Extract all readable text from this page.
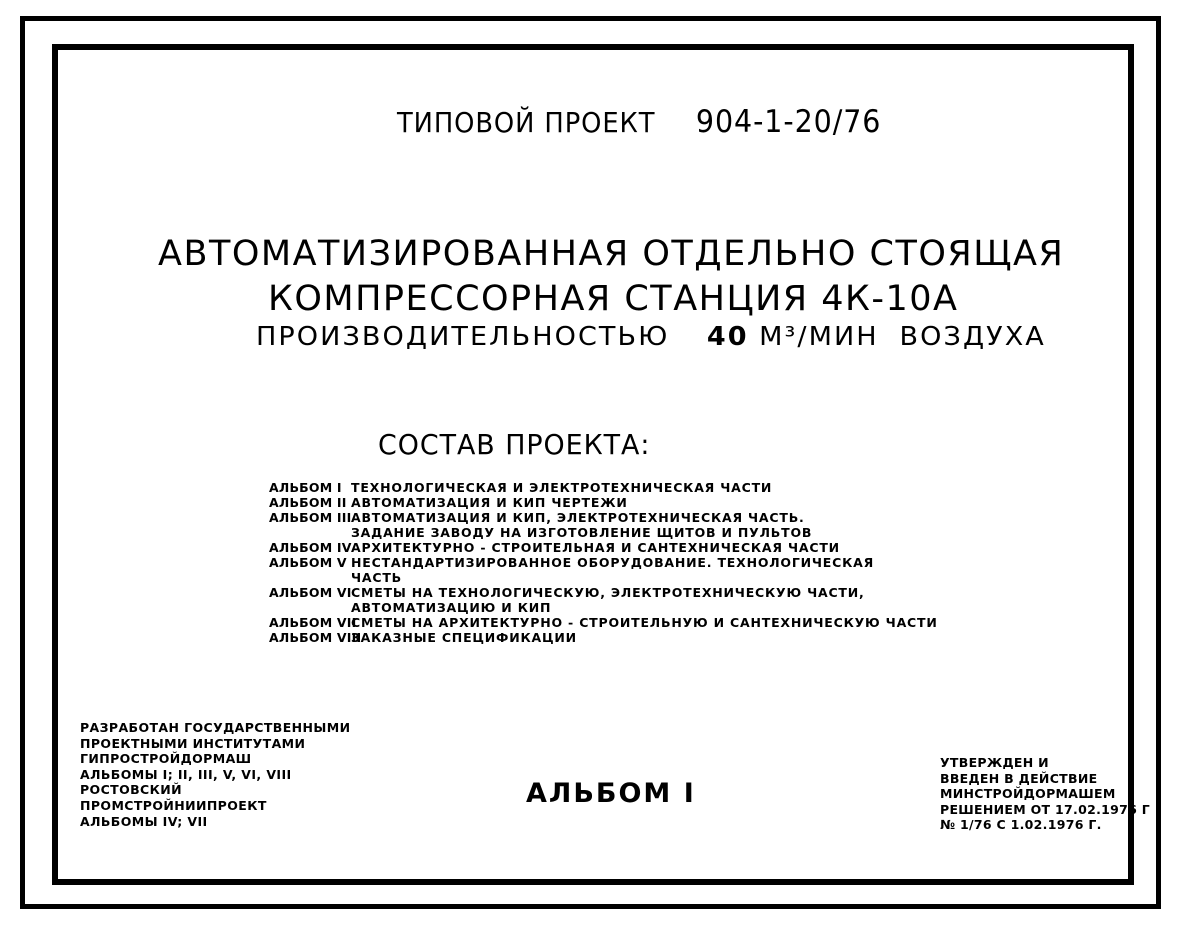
ТИПОВОЙ ПРОЕКТ 904-1-20/76
АВТОМАТИЗИРОВАННАЯ ОТДЕЛЬНО СТОЯЩАЯ
КОМПРЕССОРНАЯ СТАНЦИЯ 4К-10А
ПРОИЗВОДИТЕЛЬНОСТЬЮ 40 М³/МИН ВОЗДУХА
СОСТАВ ПРОЕКТА:
АЛЬБОМ I ТЕХНОЛОГИЧЕСКАЯ И ЭЛЕКТРОТЕХНИЧЕСКАЯ ЧАСТИ
АЛЬБОМ II АВТОМАТИЗАЦИЯ И КИП ЧЕРТЕЖИ
АЛЬБОМ III АВТОМАТИЗАЦИЯ И КИП, ЭЛЕКТРОТЕХНИЧЕСКАЯ ЧАСТЬ.
ЗАДАНИЕ ЗАВОДУ НА ИЗГОТОВЛЕНИЕ ЩИТОВ И ПУЛЬТОВ
АЛЬБОМ IV АРХИТЕКТУРНО - СТРОИТЕЛЬНАЯ И САНТЕХНИЧЕСКАЯ ЧАСТИ
АЛЬБОМ V НЕСТАНДАРТИЗИРОВАННОЕ ОБОРУДОВАНИЕ. ТЕХНОЛОГИЧЕСКАЯ
ЧАСТЬ
АЛЬБОМ VI СМЕТЫ НА ТЕХНОЛОГИЧЕСКУЮ, ЭЛЕКТРОТЕХНИЧЕСКУЮ ЧАСТИ,
АВТОМАТИЗАЦИЮ И КИП
АЛЬБОМ VII
СМЕТЫ НА АРХИТЕКТУРНО - СТРОИТЕЛЬНУЮ И САНТЕХНИЧЕСКУЮ ЧАСТИ
АЛЬБОМ VIII
ЗАКАЗНЫЕ СПЕЦИФИКАЦИИ
РАЗРАБОТАН ГОСУДАРСТВЕННЫМИ
ПРОЕКТНЫМИ ИНСТИТУТАМИ
ГИПРОСТРОЙДОРМАШ
АЛЬБОМЫ I; II, III, V, VI, VIII
РОСТОВСКИЙ
ПРОМСТРОЙНИИПРОЕКТ
АЛЬБОМЫ IV; VII
АЛЬБОМ I
УТВЕРЖДЕН И
ВВЕДЕН В ДЕЙСТВИЕ
МИНСТРОЙДОРМАШЕМ
РЕШЕНИЕМ ОТ 17.02.1976 Г
№ 1/76 С 1.02.1976 Г.
